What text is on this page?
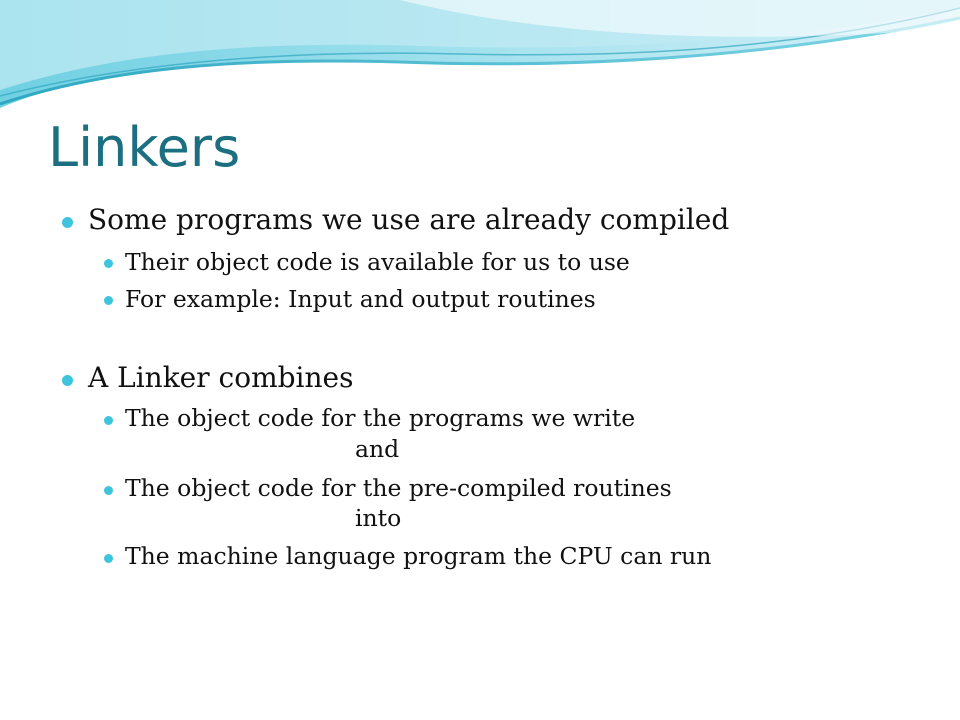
Linkers
Some programs we use are already compiled
Their object code is available for us to use
For example: Input and output routines
A Linker combines
The object code for the programs we write
and
The object code for the pre-compiled routines
into
The machine language program the CPU can run
